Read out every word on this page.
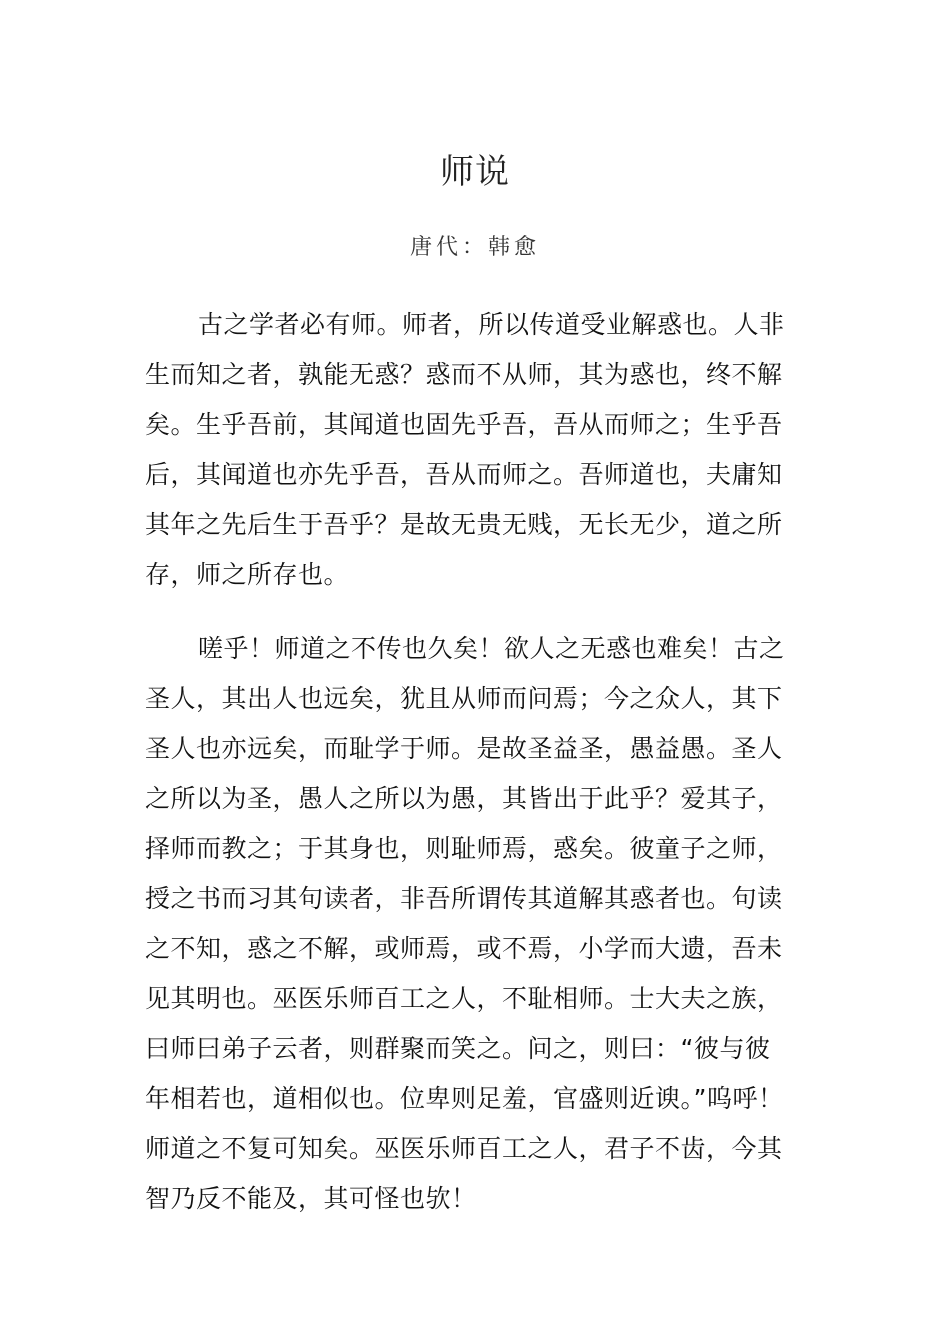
师说
唐代：韩愈
古之学者必有师。师者，所以传道受业解惑也。人非
生而知之者，孰能无惑？惑而不从师，其为惑也，终不解
矣。生乎吾前，其闻道也固先乎吾，吾从而师之；生乎吾
后，其闻道也亦先乎吾，吾从而师之。吾师道也，夫庸知
其年之先后生于吾乎？是故无贵无贱，无长无少，道之所
存，师之所存也。
嗟乎！师道之不传也久矣！欲人之无惑也难矣！古之
圣人，其出人也远矣，犹且从师而问焉；今之众人，其下
圣人也亦远矣，而耻学于师。是故圣益圣，愚益愚。圣人
之所以为圣，愚人之所以为愚，其皆出于此乎？爱其子，
择师而教之；于其身也，则耻师焉，惑矣。彼童子之师，
授之书而习其句读者，非吾所谓传其道解其惑者也。句读
之不知，惑之不解，或师焉，或不焉，小学而大遗，吾未
见其明也。巫医乐师百工之人，不耻相师。士大夫之族，
曰师曰弟子云者，则群聚而笑之。问之，则曰：“彼与彼
年相若也，道相似也。位卑则足羞，官盛则近谀。”呜呼！
师道之不复可知矣。巫医乐师百工之人，君子不齿，今其
智乃反不能及，其可怪也欤！
